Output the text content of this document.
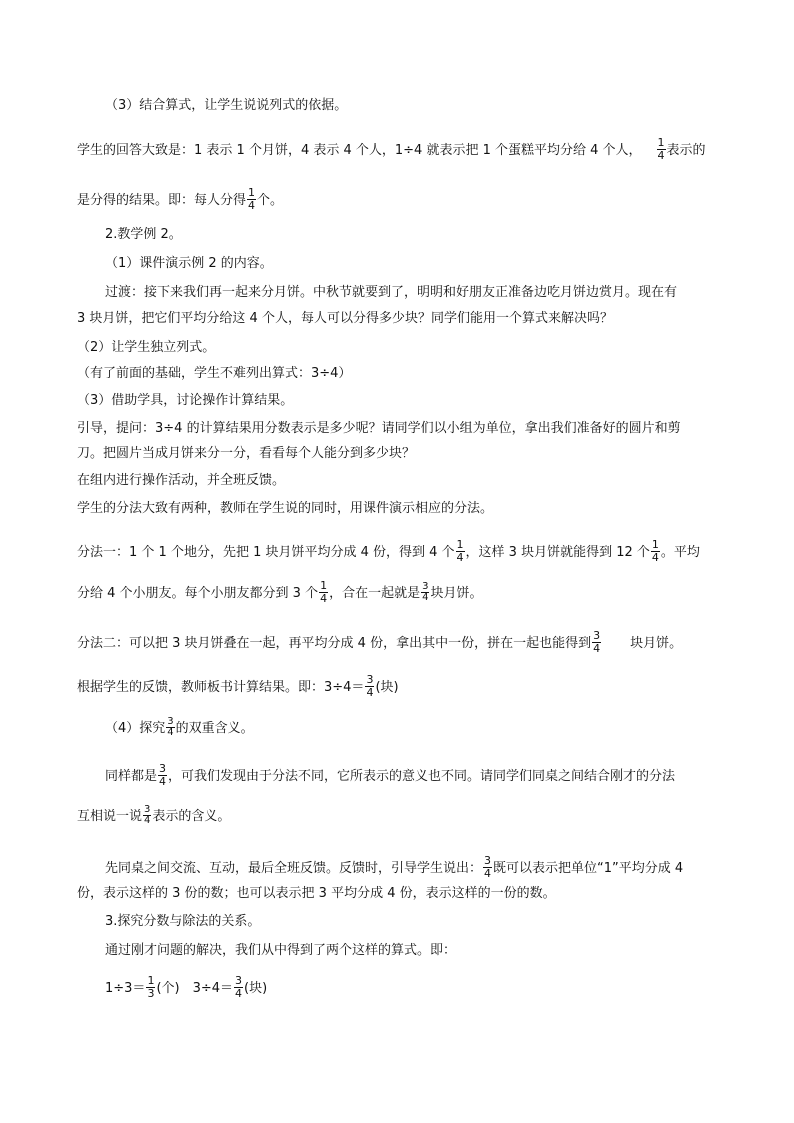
（3）结合算式，让学生说说列式的依据。
学生的回答大致是：1 表示 1 个月饼，4 表示 4 个人，1÷4 就表示把 1 个蛋糕平均分给 4 个人， $\frac{1}{4}$ 表示的
是分得的结果。即：每人分得 $\frac{1}{4}$ 个。
2.教学例 2。
（1）课件演示例 2 的内容。
过渡：接下来我们再一起来分月饼。中秋节就要到了，明明和好朋友正准备边吃月饼边赏月。现在有
3 块月饼，把它们平均分给这 4 个人，每人可以分得多少块？同学们能用一个算式来解决吗？
（2）让学生独立列式。
（有了前面的基础，学生不难列出算式：3÷4）
（3）借助学具，讨论操作计算结果。
引导，提问：3÷4 的计算结果用分数表示是多少呢？请同学们以小组为单位，拿出我们准备好的圆片和剪
刀。把圆片当成月饼来分一分，看看每个人能分到多少块？
在组内进行操作活动，并全班反馈。
学生的分法大致有两种，教师在学生说的同时，用课件演示相应的分法。
分法一：1 个 1 个地分，先把 1 块月饼平均分成 4 份，得到 4 个 $\frac{1}{4}$ ，这样 3 块月饼就能得到 12 个 $\frac{1}{4}$ 。平均
分给 4 个小朋友。每个小朋友都分到 3 个 $\frac{1}{4}$ ，合在一起就是 $\frac{3}{4}$ 块月饼。
分法二：可以把 3 块月饼叠在一起，再平均分成 4 份，拿出其中一份，拼在一起也能得到 $\frac{3}{4}$ 块月饼。
根据学生的反馈，教师板书计算结果。即：$3\div 4= \frac{3}{4}$ (块)
（4）探究 $\frac{3}{4}$ 的双重含义。
同样都是 $\frac{3}{4}$ ，可我们发现由于分法不同，它所表示的意义也不同。请同学们同桌之间结合刚才的分法
互相说一说 $\frac{3}{4}$ 表示的含义。
先同桌之间交流、互动，最后全班反馈。反馈时，引导学生说出： $\frac{3}{4}$ 既可以表示把单位“1”平均分成 4
份，表示这样的 3 份的数；也可以表示把 3 平均分成 4 份，表示这样的一份的数。
3.探究分数与除法的关系。
通过刚才问题的解决，我们从中得到了两个这样的算式。即：
$1\div 3= \frac{1}{3}$ (个)　$3\div 4= \frac{3}{4}$ (块)
